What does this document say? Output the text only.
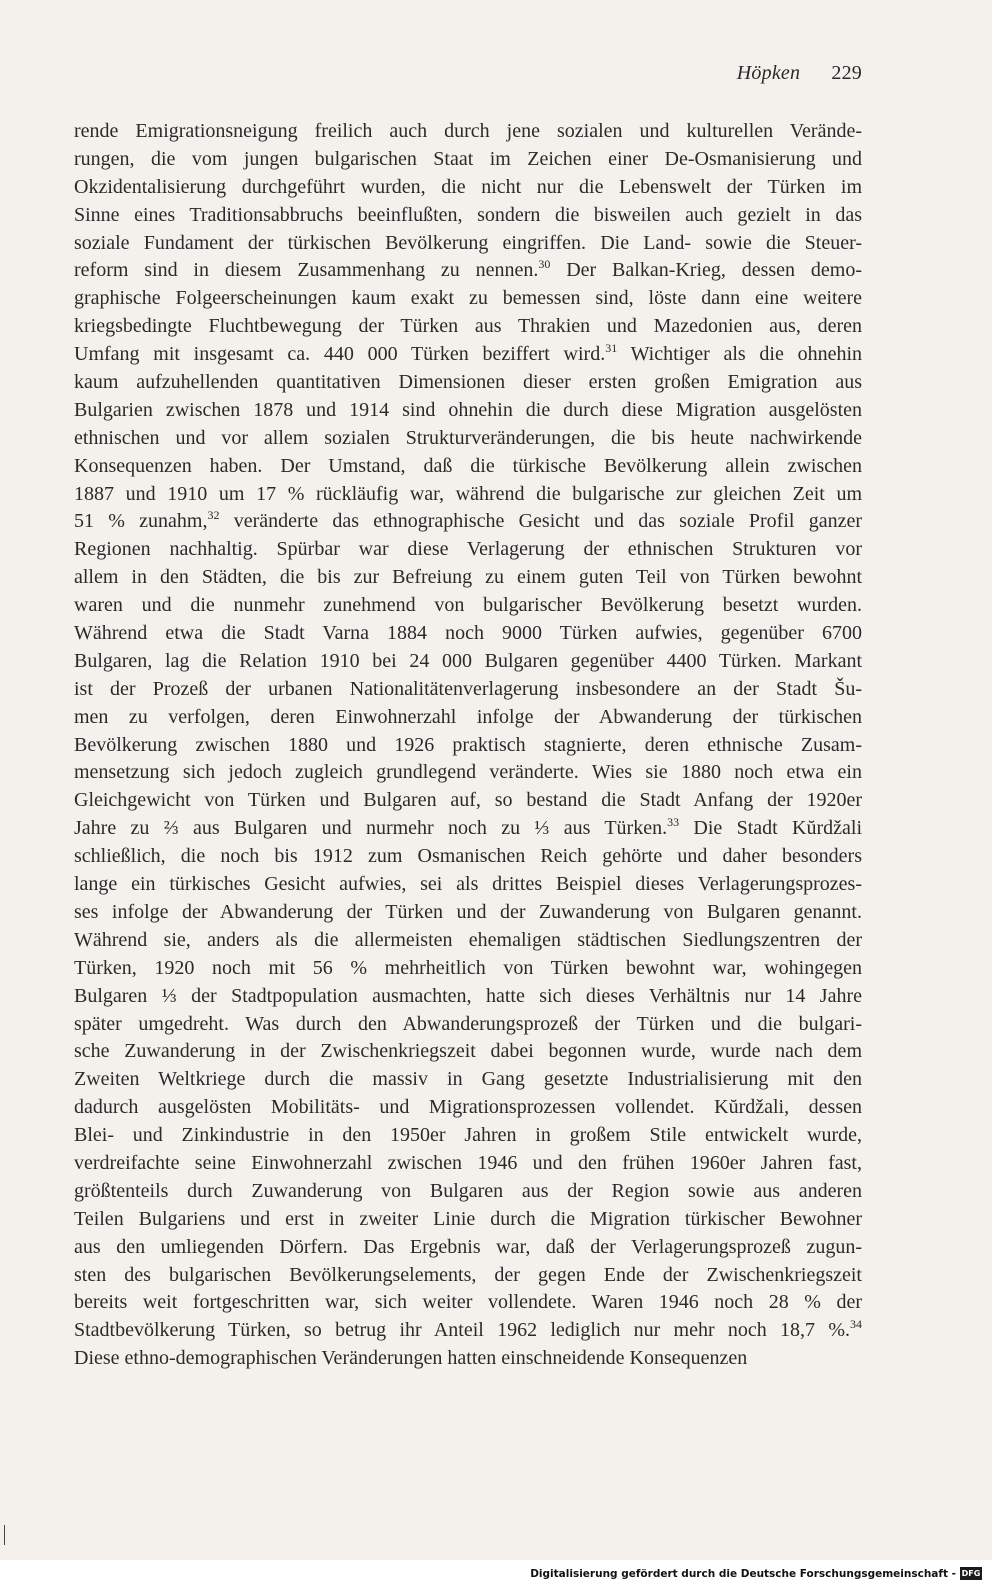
Höpken 229
rende Emigrationsneigung freilich auch durch jene sozialen und kulturellen Verände-
rungen, die vom jungen bulgarischen Staat im Zeichen einer De-Osmanisierung und
Okzidentalisierung durchgeführt wurden, die nicht nur die Lebenswelt der Türken im
Sinne eines Traditionsabbruchs beeinflußten, sondern die bisweilen auch gezielt in das
soziale Fundament der türkischen Bevölkerung eingriffen. Die Land- sowie die Steuer-
reform sind in diesem Zusammenhang zu nennen.$^{30}$ Der Balkan-Krieg, dessen demo-
graphische Folgeerscheinungen kaum exakt zu bemessen sind, löste dann eine weitere
kriegsbedingte Fluchtbewegung der Türken aus Thrakien und Mazedonien aus, deren
Umfang mit insgesamt ca. 440 000 Türken beziffert wird.$^{31}$ Wichtiger als die ohnehin
kaum aufzuhellenden quantitativen Dimensionen dieser ersten großen Emigration aus
Bulgarien zwischen 1878 und 1914 sind ohnehin die durch diese Migration ausgelösten
ethnischen und vor allem sozialen Strukturveränderungen, die bis heute nachwirkende
Konsequenzen haben. Der Umstand, daß die türkische Bevölkerung allein zwischen
1887 und 1910 um 17 % rückläufig war, während die bulgarische zur gleichen Zeit um
51 % zunahm,$^{32}$ veränderte das ethnographische Gesicht und das soziale Profil ganzer
Regionen nachhaltig. Spürbar war diese Verlagerung der ethnischen Strukturen vor
allem in den Städten, die bis zur Befreiung zu einem guten Teil von Türken bewohnt
waren und die nunmehr zunehmend von bulgarischer Bevölkerung besetzt wurden.
Während etwa die Stadt Varna 1884 noch 9000 Türken aufwies, gegenüber 6700
Bulgaren, lag die Relation 1910 bei 24 000 Bulgaren gegenüber 4400 Türken. Markant
ist der Prozeß der urbanen Nationalitätenverlagerung insbesondere an der Stadt Šu-
men zu verfolgen, deren Einwohnerzahl infolge der Abwanderung der türkischen
Bevölkerung zwischen 1880 und 1926 praktisch stagnierte, deren ethnische Zusam-
mensetzung sich jedoch zugleich grundlegend veränderte. Wies sie 1880 noch etwa ein
Gleichgewicht von Türken und Bulgaren auf, so bestand die Stadt Anfang der 1920er
Jahre zu ⅔ aus Bulgaren und nurmehr noch zu ⅓ aus Türken.$^{33}$ Die Stadt Kŭrdžali
schließlich, die noch bis 1912 zum Osmanischen Reich gehörte und daher besonders
lange ein türkisches Gesicht aufwies, sei als drittes Beispiel dieses Verlagerungsprozes-
ses infolge der Abwanderung der Türken und der Zuwanderung von Bulgaren genannt.
Während sie, anders als die allermeisten ehemaligen städtischen Siedlungszentren der
Türken, 1920 noch mit 56 % mehrheitlich von Türken bewohnt war, wohingegen
Bulgaren ⅓ der Stadtpopulation ausmachten, hatte sich dieses Verhältnis nur 14 Jahre
später umgedreht. Was durch den Abwanderungsprozeß der Türken und die bulgari-
sche Zuwanderung in der Zwischenkriegszeit dabei begonnen wurde, wurde nach dem
Zweiten Weltkriege durch die massiv in Gang gesetzte Industrialisierung mit den
dadurch ausgelösten Mobilitäts- und Migrationsprozessen vollendet. Kŭrdžali, dessen
Blei- und Zinkindustrie in den 1950er Jahren in großem Stile entwickelt wurde,
verdreifachte seine Einwohnerzahl zwischen 1946 und den frühen 1960er Jahren fast,
größtenteils durch Zuwanderung von Bulgaren aus der Region sowie aus anderen
Teilen Bulgariens und erst in zweiter Linie durch die Migration türkischer Bewohner
aus den umliegenden Dörfern. Das Ergebnis war, daß der Verlagerungsprozeß zugun-
sten des bulgarischen Bevölkerungselements, der gegen Ende der Zwischenkriegszeit
bereits weit fortgeschritten war, sich weiter vollendete. Waren 1946 noch 28 % der
Stadtbevölkerung Türken, so betrug ihr Anteil 1962 lediglich nur mehr noch 18,7 %.$^{34}$
Diese ethno-demographischen Veränderungen hatten einschneidende Konsequenzen
Digitalisierung gefördert durch die Deutsche Forschungsgemeinschaft - DFG
